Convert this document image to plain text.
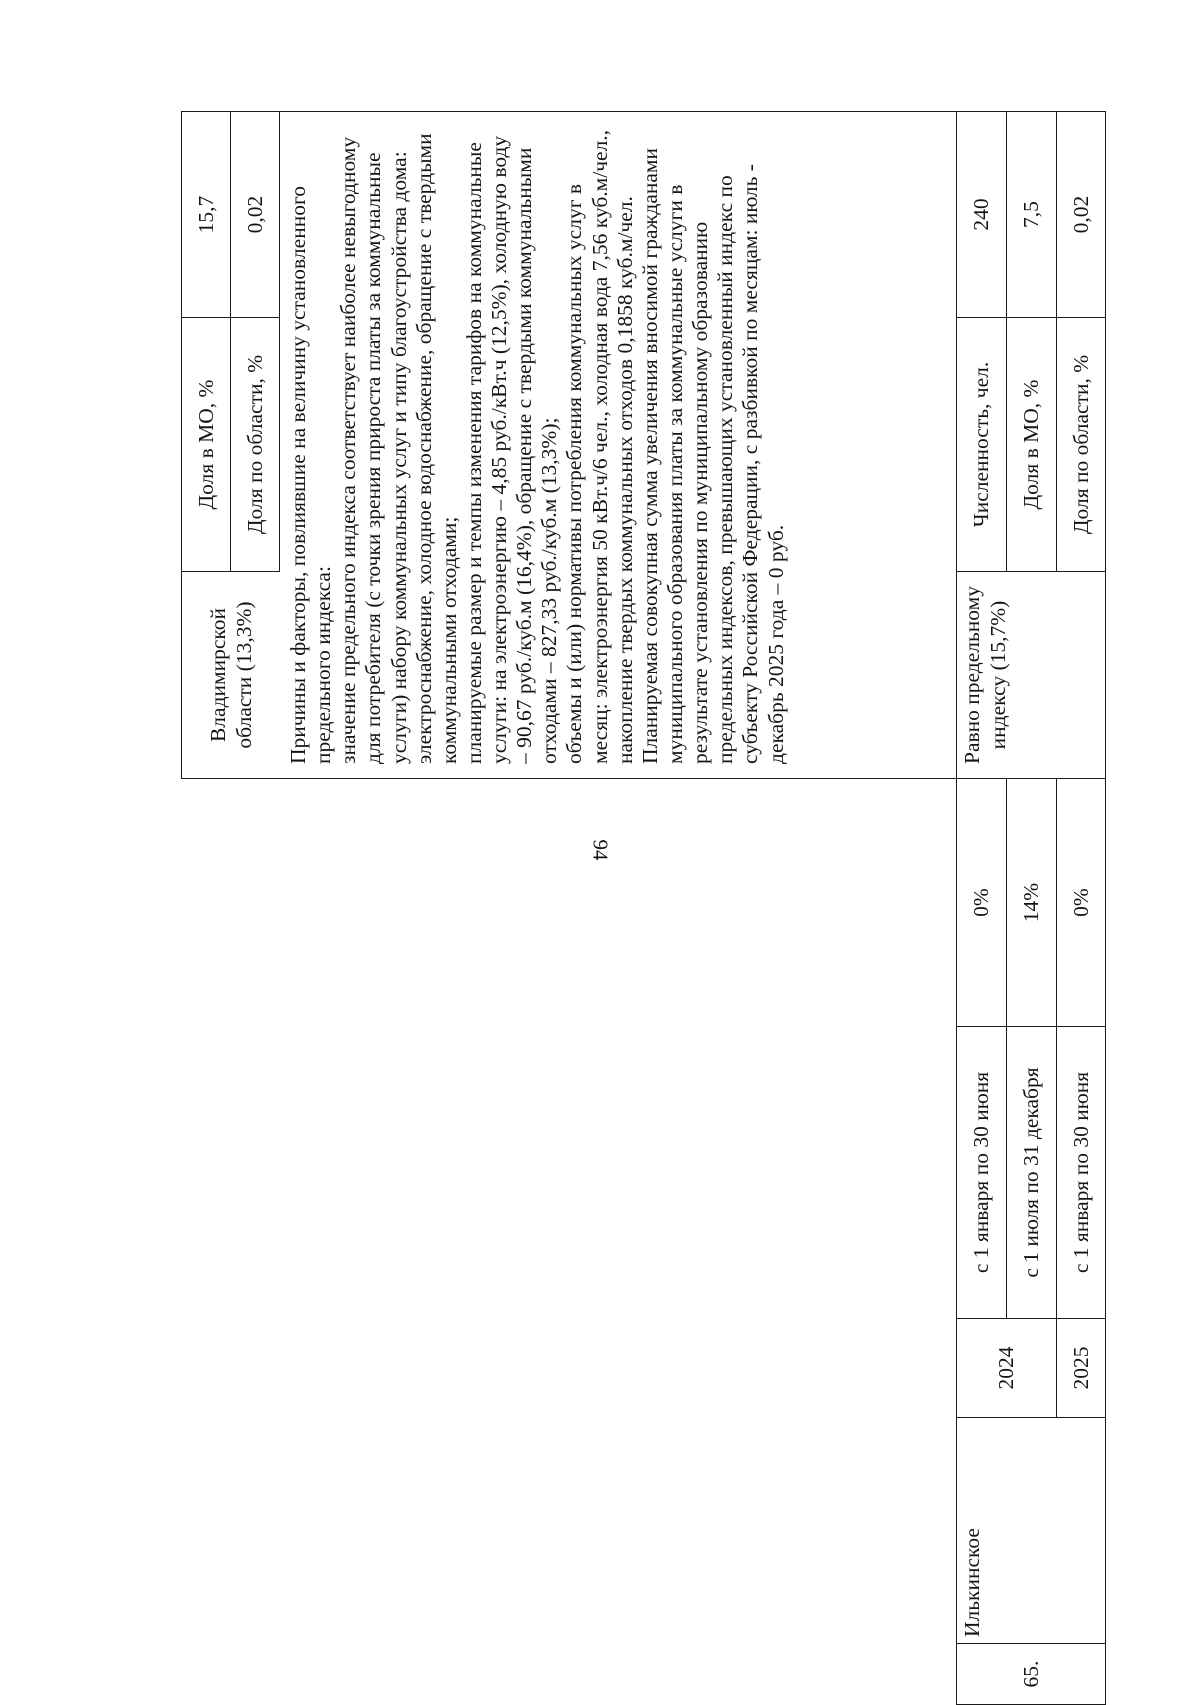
94
					Владимирской области (13,3%)	Доля в МО, %	15,7
						Доля по области, %	0,02

					Причины и факторы, повлиявшие на величину установленного предельного индекса: значение предельного индекса соответствует наиболее невыгодному для потребителя (с точки зрения прироста платы за коммунальные услуги) набору коммунальных услуг и типу благоустройства дома: электроснабжение, холодное водоснабжение, обращение с твердыми коммунальными отходами; планируемые размер и темпы изменения тарифов на коммунальные услуги: на электроэнергию – 4,85 руб./кВт.ч (12,5%), холодную воду – 90,67 руб./куб.м (16,4%), обращение с твердыми коммунальными отходами – 827,33 руб./куб.м (13,3%); объемы и (или) нормативы потребления коммунальных услуг в месяц: электроэнергия 50 кВт.ч/6 чел., холодная вода 7,56 куб.м/чел., накопление твердых коммунальных отходов 0,1858 куб.м/чел. Планируемая совокупная сумма увеличения вносимой гражданами муниципального образования платы за коммунальные услуги в результате установления по муниципальному образованию предельных индексов, превышающих установленный индекс по субъекту Российской Федерации, с разбивкой по месяцам: июль - декабрь 2025 года – 0 руб.		

65.	Илькинское	2024	с 1 января по 30 июня	0%	Равно предельному индексу (15,7%)	Численность, чел.	240
			с 1 июля по 31 декабря	14%		Доля в МО, %	7,5
		2025	с 1 января по 30 июня	0%		Доля по области, %	0,02
